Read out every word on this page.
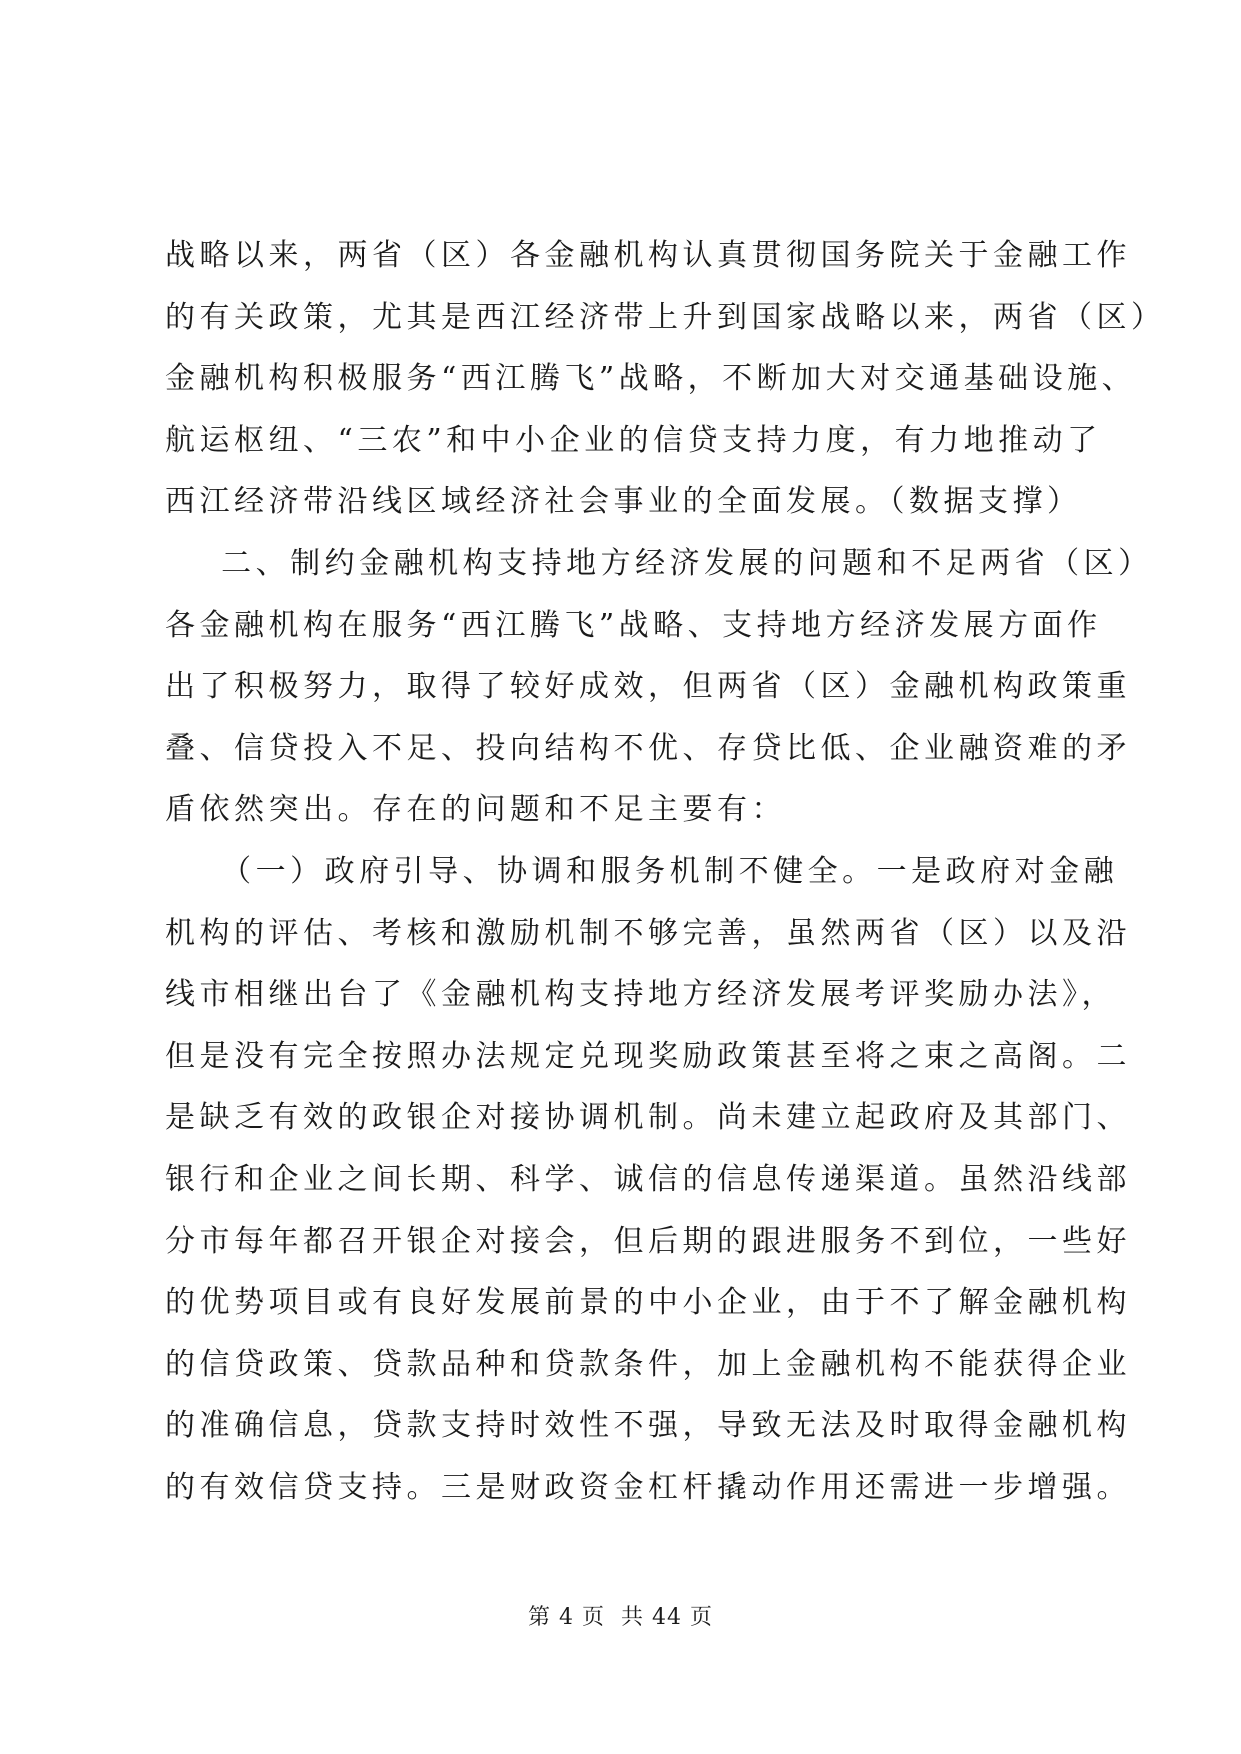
战略以来，两省（区）各金融机构认真贯彻国务院关于金融工作

的有关政策，尤其是西江经济带上升到国家战略以来，两省（区）

金融机构积极服务“西江腾飞”战略，不断加大对交通基础设施、

航运枢纽、“三农”和中小企业的信贷支持力度，有力地推动了

西江经济带沿线区域经济社会事业的全面发展。（数据支撑）

二、制约金融机构支持地方经济发展的问题和不足两省（区）

各金融机构在服务“西江腾飞”战略、支持地方经济发展方面作

出了积极努力，取得了较好成效，但两省（区）金融机构政策重

叠、信贷投入不足、投向结构不优、存贷比低、企业融资难的矛

盾依然突出。存在的问题和不足主要有：

（一）政府引导、协调和服务机制不健全。一是政府对金融

机构的评估、考核和激励机制不够完善，虽然两省（区）以及沿

线市相继出台了《金融机构支持地方经济发展考评奖励办法》，

但是没有完全按照办法规定兑现奖励政策甚至将之束之高阁。二

是缺乏有效的政银企对接协调机制。尚未建立起政府及其部门、

银行和企业之间长期、科学、诚信的信息传递渠道。虽然沿线部

分市每年都召开银企对接会，但后期的跟进服务不到位，一些好

的优势项目或有良好发展前景的中小企业，由于不了解金融机构

的信贷政策、贷款品种和贷款条件，加上金融机构不能获得企业

的准确信息，贷款支持时效性不强，导致无法及时取得金融机构

的有效信贷支持。三是财政资金杠杆撬动作用还需进一步增强。

第 4 页  共 44 页
